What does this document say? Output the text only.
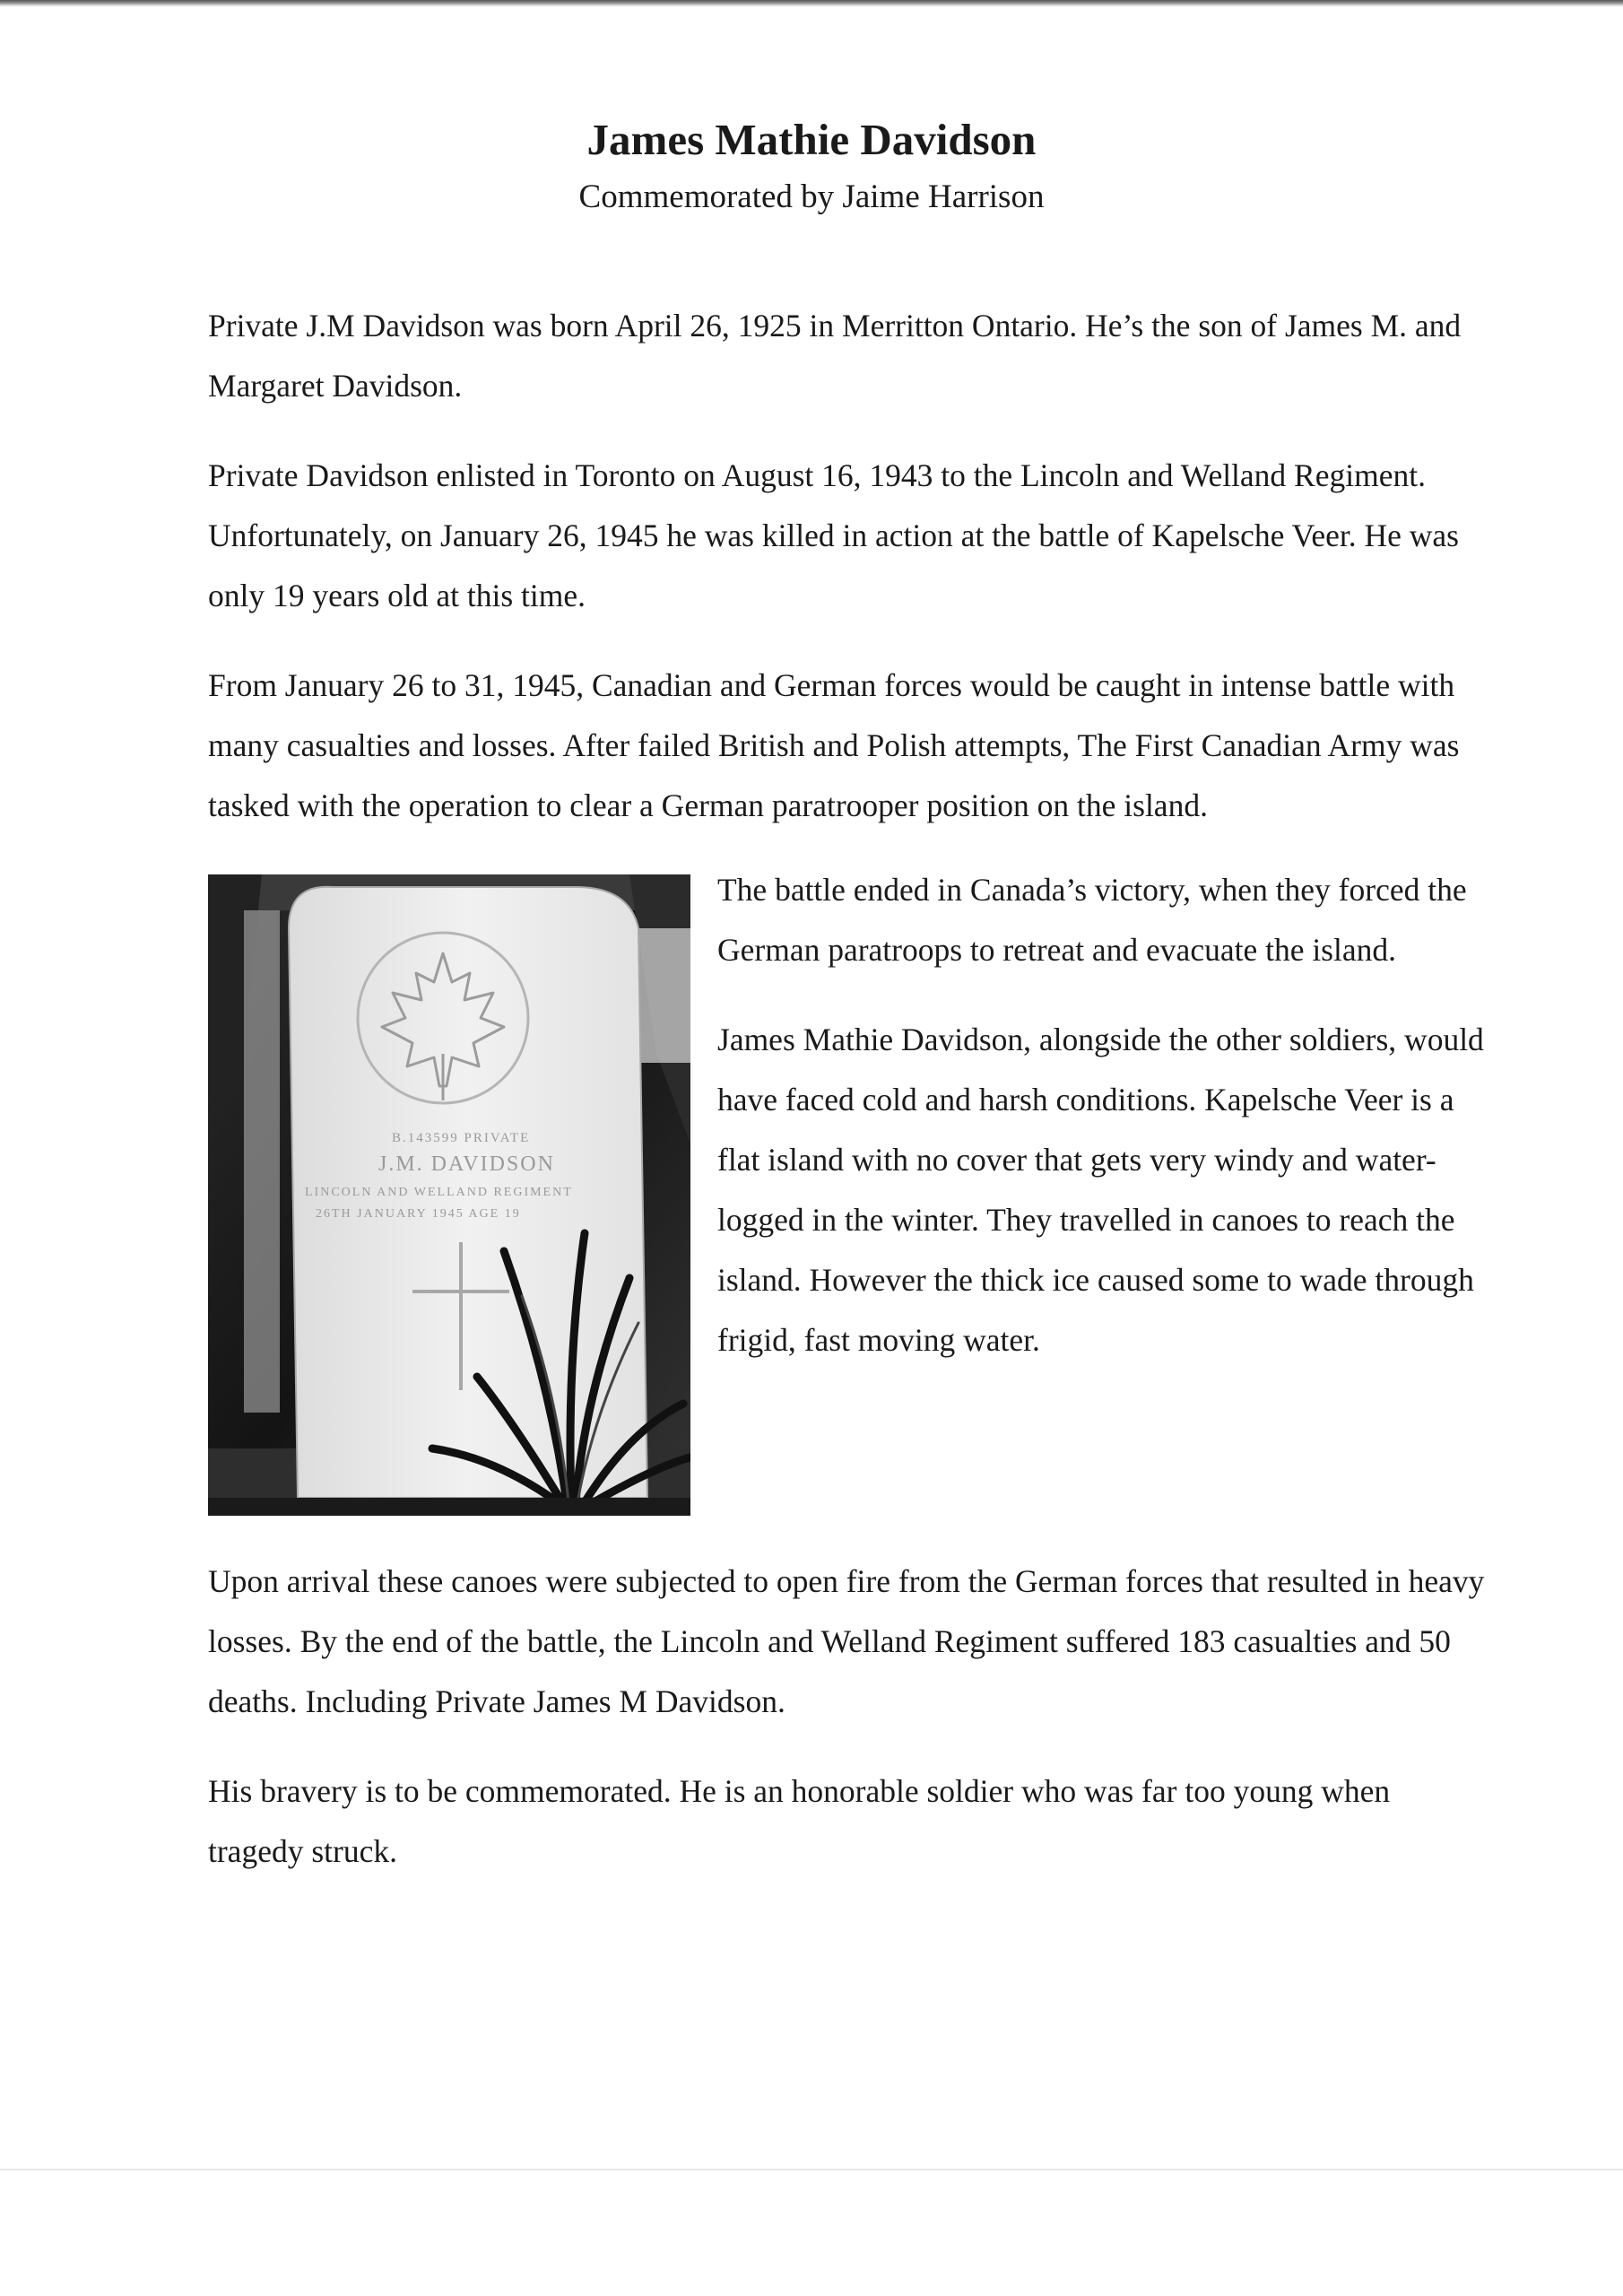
James Mathie Davidson

Commemorated by Jaime Harrison

Private J.M Davidson was born April 26, 1925 in Merritton Ontario. He’s the son of James M. and Margaret Davidson.

Private Davidson enlisted in Toronto on August 16, 1943 to the Lincoln and Welland Regiment. Unfortunately, on January 26, 1945 he was killed in action at the battle of Kapelsche Veer. He was only 19 years old at this time.

From January 26 to 31, 1945, Canadian and German forces would be caught in intense battle with many casualties and losses. After failed British and Polish attempts, The First Canadian Army was tasked with the operation to clear a German paratrooper position on the island.

B.143599 PRIVATE
J.M. DAVIDSON
LINCOLN AND WELLAND REGIMENT
26TH JANUARY 1945 AGE 19

The battle ended in Canada’s victory, when they forced the German paratroops to retreat and evacuate the island.

James Mathie Davidson, alongside the other soldiers, would have faced cold and harsh conditions. Kapelsche Veer is a flat island with no cover that gets very windy and water-logged in the winter. They travelled in canoes to reach the island. However the thick ice caused some to wade through frigid, fast moving water.

Upon arrival these canoes were subjected to open fire from the German forces that resulted in heavy losses. By the end of the battle, the Lincoln and Welland Regiment suffered 183 casualties and 50 deaths. Including Private James M Davidson.

His bravery is to be commemorated. He is an honorable soldier who was far too young when tragedy struck.
